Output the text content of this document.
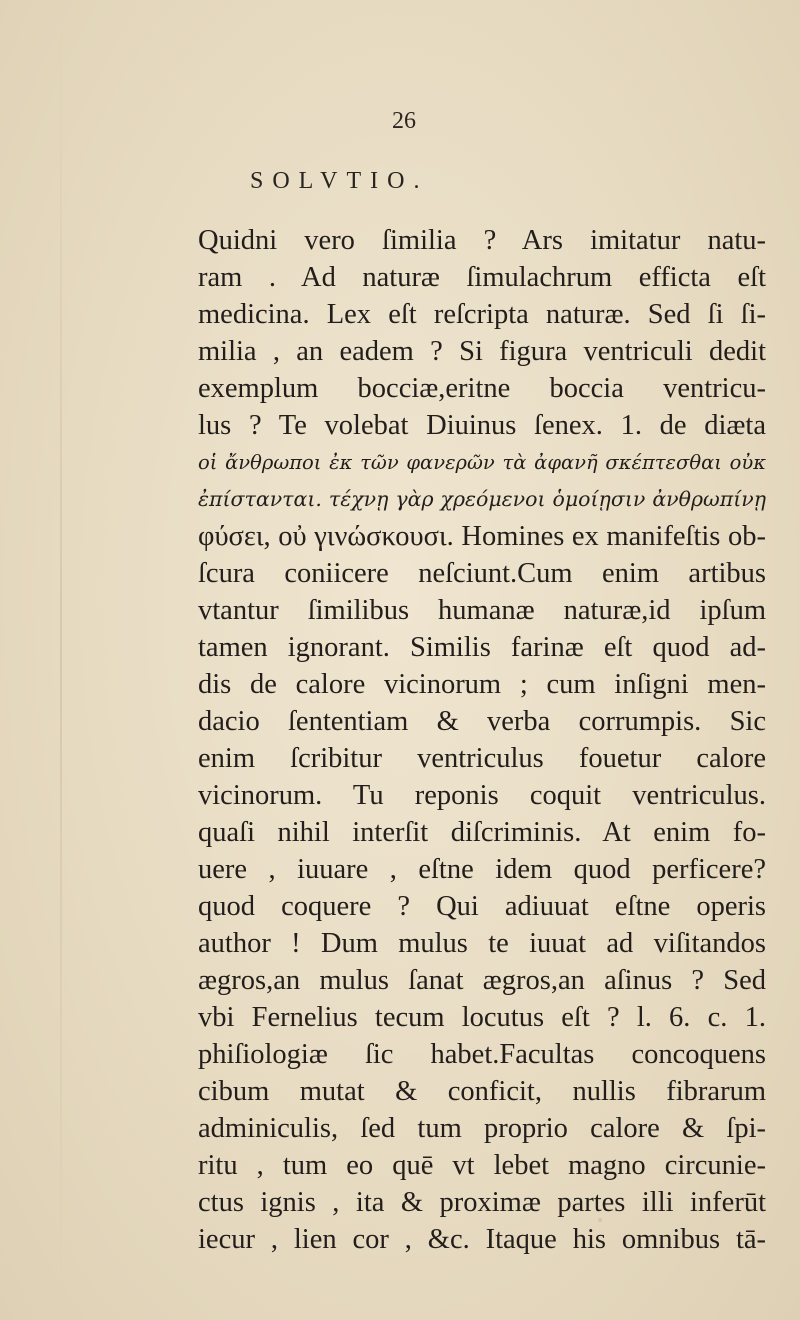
26
SOLVTIO.
Quidni vero ſimilia ? Ars imitatur natu-
ram . Ad naturæ ſimulachrum efficta eſt
medicina. Lex eſt reſcripta naturæ. Sed ſi ſi-
milia , an eadem ? Si figura ventriculi dedit
exemplum bocciæ,eritne boccia ventricu-
lus ? Te volebat Diuinus ſenex. 1. de diæta
οἱ ἄνθρωποι ἐκ τῶν φανερῶν τὰ ἀφανῆ σκέπτεσθαι οὐκ
ἐπίστανται. τέχνῃ γὰρ χρεόμενοι ὁμοίῃσιν ἀνθρωπίνῃ
φύσει, οὐ γινώσκουσι. Homines ex manifeſtis ob-
ſcura coniicere neſciunt.Cum enim artibus
vtantur ſimilibus humanæ naturæ,id ipſum
tamen ignorant. Similis farinæ eſt quod ad-
dis de calore vicinorum ; cum inſigni men-
dacio ſententiam & verba corrumpis. Sic
enim ſcribitur ventriculus fouetur calore
vicinorum. Tu reponis coquit ventriculus.
quaſi nihil interſit diſcriminis. At enim fo-
uere , iuuare , eſtne idem quod perficere?
quod coquere ? Qui adiuuat eſtne operis
author ! Dum mulus te iuuat ad viſitandos
ægros,an mulus ſanat ægros,an aſinus ? Sed
vbi Fernelius tecum locutus eſt ? l. 6. c. 1.
phiſiologiæ ſic habet.Facultas concoquens
cibum mutat & conficit, nullis fibrarum
adminiculis, ſed tum proprio calore & ſpi-
ritu , tum eo quē vt lebet magno circunie-
ctus ignis , ita & proximæ partes illi inferūt
iecur , lien cor , &c. Itaque his omnibus tā-
